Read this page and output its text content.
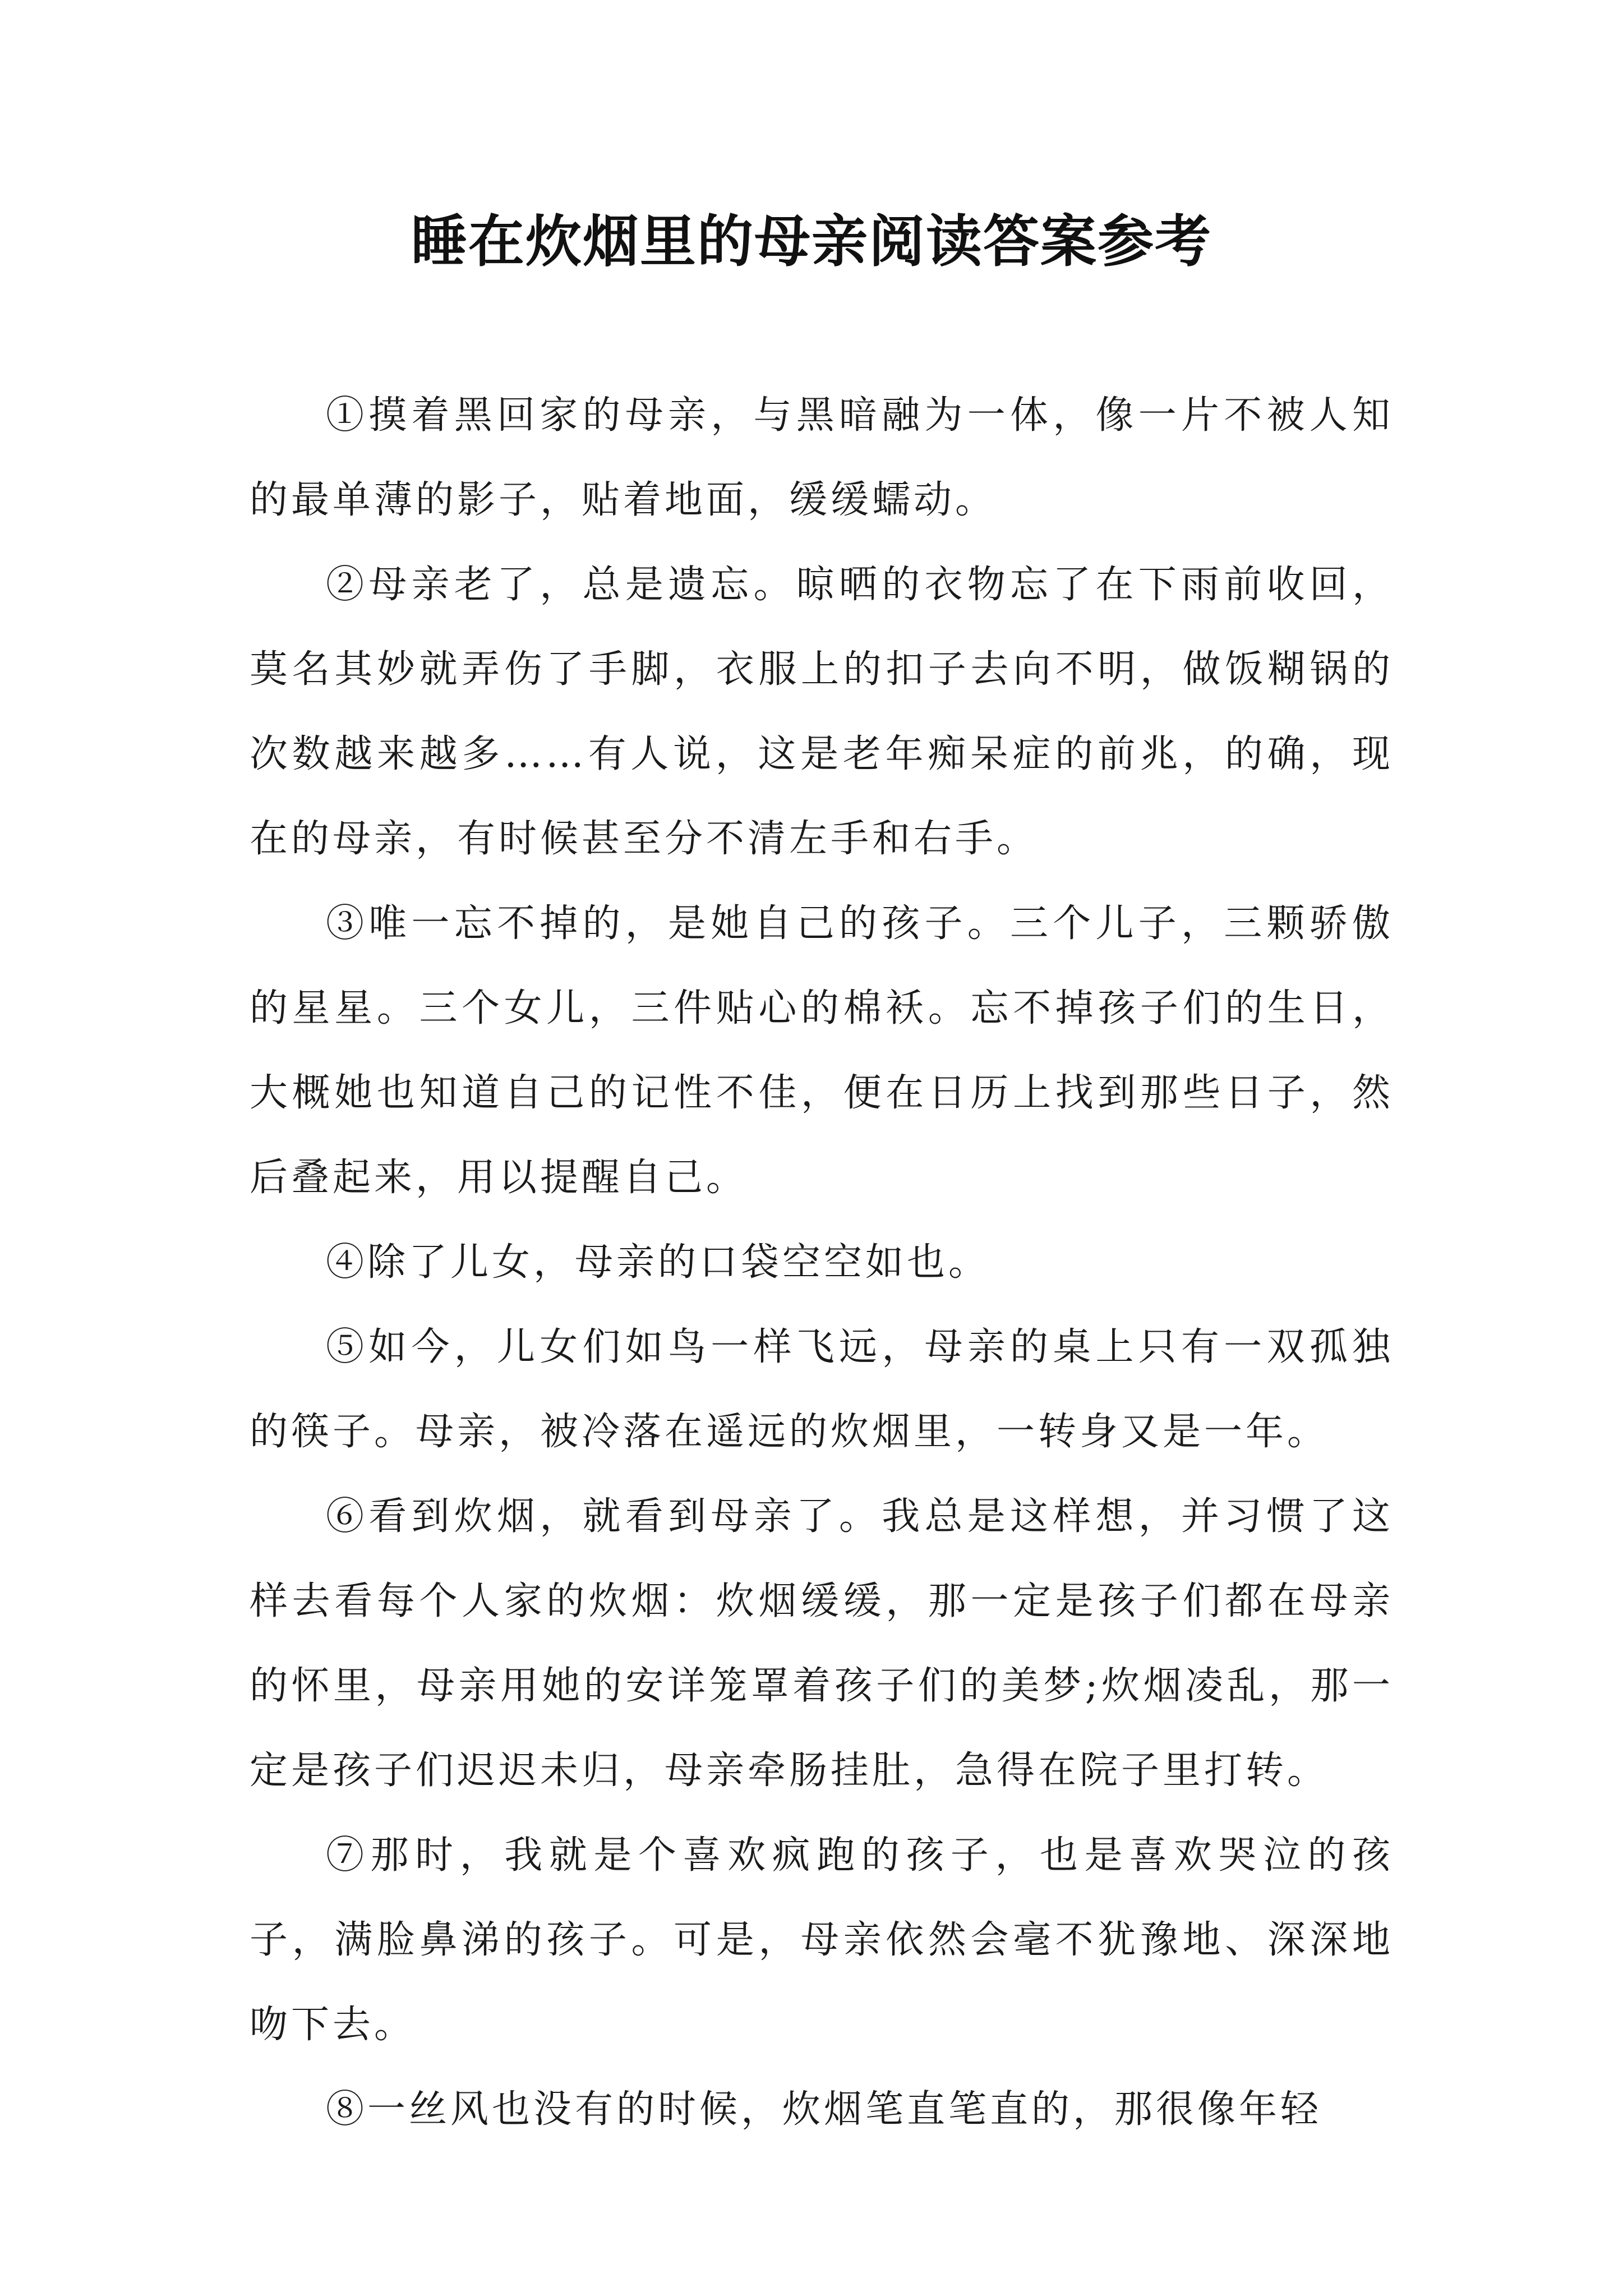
睡在炊烟里的母亲阅读答案参考

①摸着黑回家的母亲，与黑暗融为一体，像一片不被人知的最单薄的影子，贴着地面，缓缓蠕动。

②母亲老了，总是遗忘。晾晒的衣物忘了在下雨前收回，莫名其妙就弄伤了手脚，衣服上的扣子去向不明，做饭糊锅的次数越来越多……有人说，这是老年痴呆症的前兆，的确，现在的母亲，有时候甚至分不清左手和右手。

③唯一忘不掉的，是她自己的孩子。三个儿子，三颗骄傲的星星。三个女儿，三件贴心的棉袄。忘不掉孩子们的生日，大概她也知道自己的记性不佳，便在日历上找到那些日子，然后叠起来，用以提醒自己。

④除了儿女，母亲的口袋空空如也。

⑤如今，儿女们如鸟一样飞远，母亲的桌上只有一双孤独的筷子。母亲，被冷落在遥远的炊烟里，一转身又是一年。

⑥看到炊烟，就看到母亲了。我总是这样想，并习惯了这样去看每个人家的炊烟：炊烟缓缓，那一定是孩子们都在母亲的怀里，母亲用她的安详笼罩着孩子们的美梦;炊烟凌乱，那一定是孩子们迟迟未归，母亲牵肠挂肚，急得在院子里打转。

⑦那时，我就是个喜欢疯跑的孩子，也是喜欢哭泣的孩子，满脸鼻涕的孩子。可是，母亲依然会毫不犹豫地、深深地吻下去。

⑧一丝风也没有的时候，炊烟笔直笔直的，那很像年轻
